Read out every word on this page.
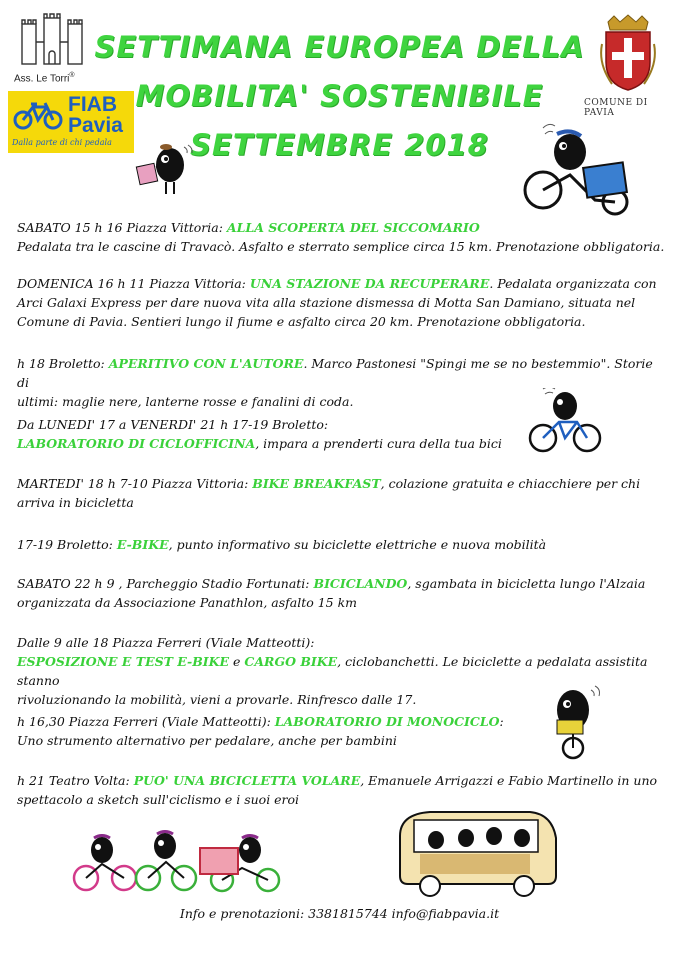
Ass. Le Torri®
FIAB
Pavia
Dalla parte di chi pedala
COMUNE DI PAVIA
SETTIMANA EUROPEA DELLA
MOBILITA' SOSTENIBILE
SETTEMBRE 2018
SABATO 15 h 16 Piazza Vittoria: ALLA SCOPERTA DEL SICCOMARIO
Pedalata tra le cascine di Travacò. Asfalto e sterrato semplice circa 15 km. Prenotazione obbligatoria.
DOMENICA 16 h 11 Piazza Vittoria: UNA STAZIONE DA RECUPERARE. Pedalata organizzata con
Arci Galaxi Express per dare nuova vita alla stazione dismessa di Motta San Damiano, situata nel
Comune di Pavia. Sentieri lungo il fiume e asfalto circa 20 km. Prenotazione obbligatoria.
h 18 Broletto: APERITIVO CON L'AUTORE. Marco Pastonesi "Spingi me se no bestemmio". Storie di
ultimi: maglie nere, lanterne rosse e fanalini di coda.
Da LUNEDI' 17 a VENERDI' 21 h 17-19 Broletto:
LABORATORIO DI CICLOFFICINA, impara a prenderti cura della tua bici
MARTEDI' 18 h 7-10 Piazza Vittoria: BIKE BREAKFAST, colazione gratuita e chiacchiere per chi
arriva in bicicletta
17-19 Broletto: E-BIKE, punto informativo su biciclette elettriche e nuova mobilità
SABATO 22 h 9 , Parcheggio Stadio Fortunati: BICICLANDO, sgambata in bicicletta lungo l'Alzaia
organizzata da Associazione Panathlon, asfalto 15 km
Dalle 9 alle 18 Piazza Ferreri (Viale Matteotti):
ESPOSIZIONE E TEST E-BIKE e CARGO BIKE, ciclobanchetti. Le biciclette a pedalata assistita stanno
rivoluzionando la mobilità, vieni a provarle. Rinfresco dalle 17.
h 16,30 Piazza Ferreri (Viale Matteotti): LABORATORIO DI MONOCICLO:
Uno strumento alternativo per pedalare, anche per bambini
h 21 Teatro Volta: PUO' UNA BICICLETTA VOLARE, Emanuele Arrigazzi e Fabio Martinello in uno
spettacolo a sketch sull'ciclismo e i suoi eroi
Info e prenotazioni: 3381815744 info@fiabpavia.it
